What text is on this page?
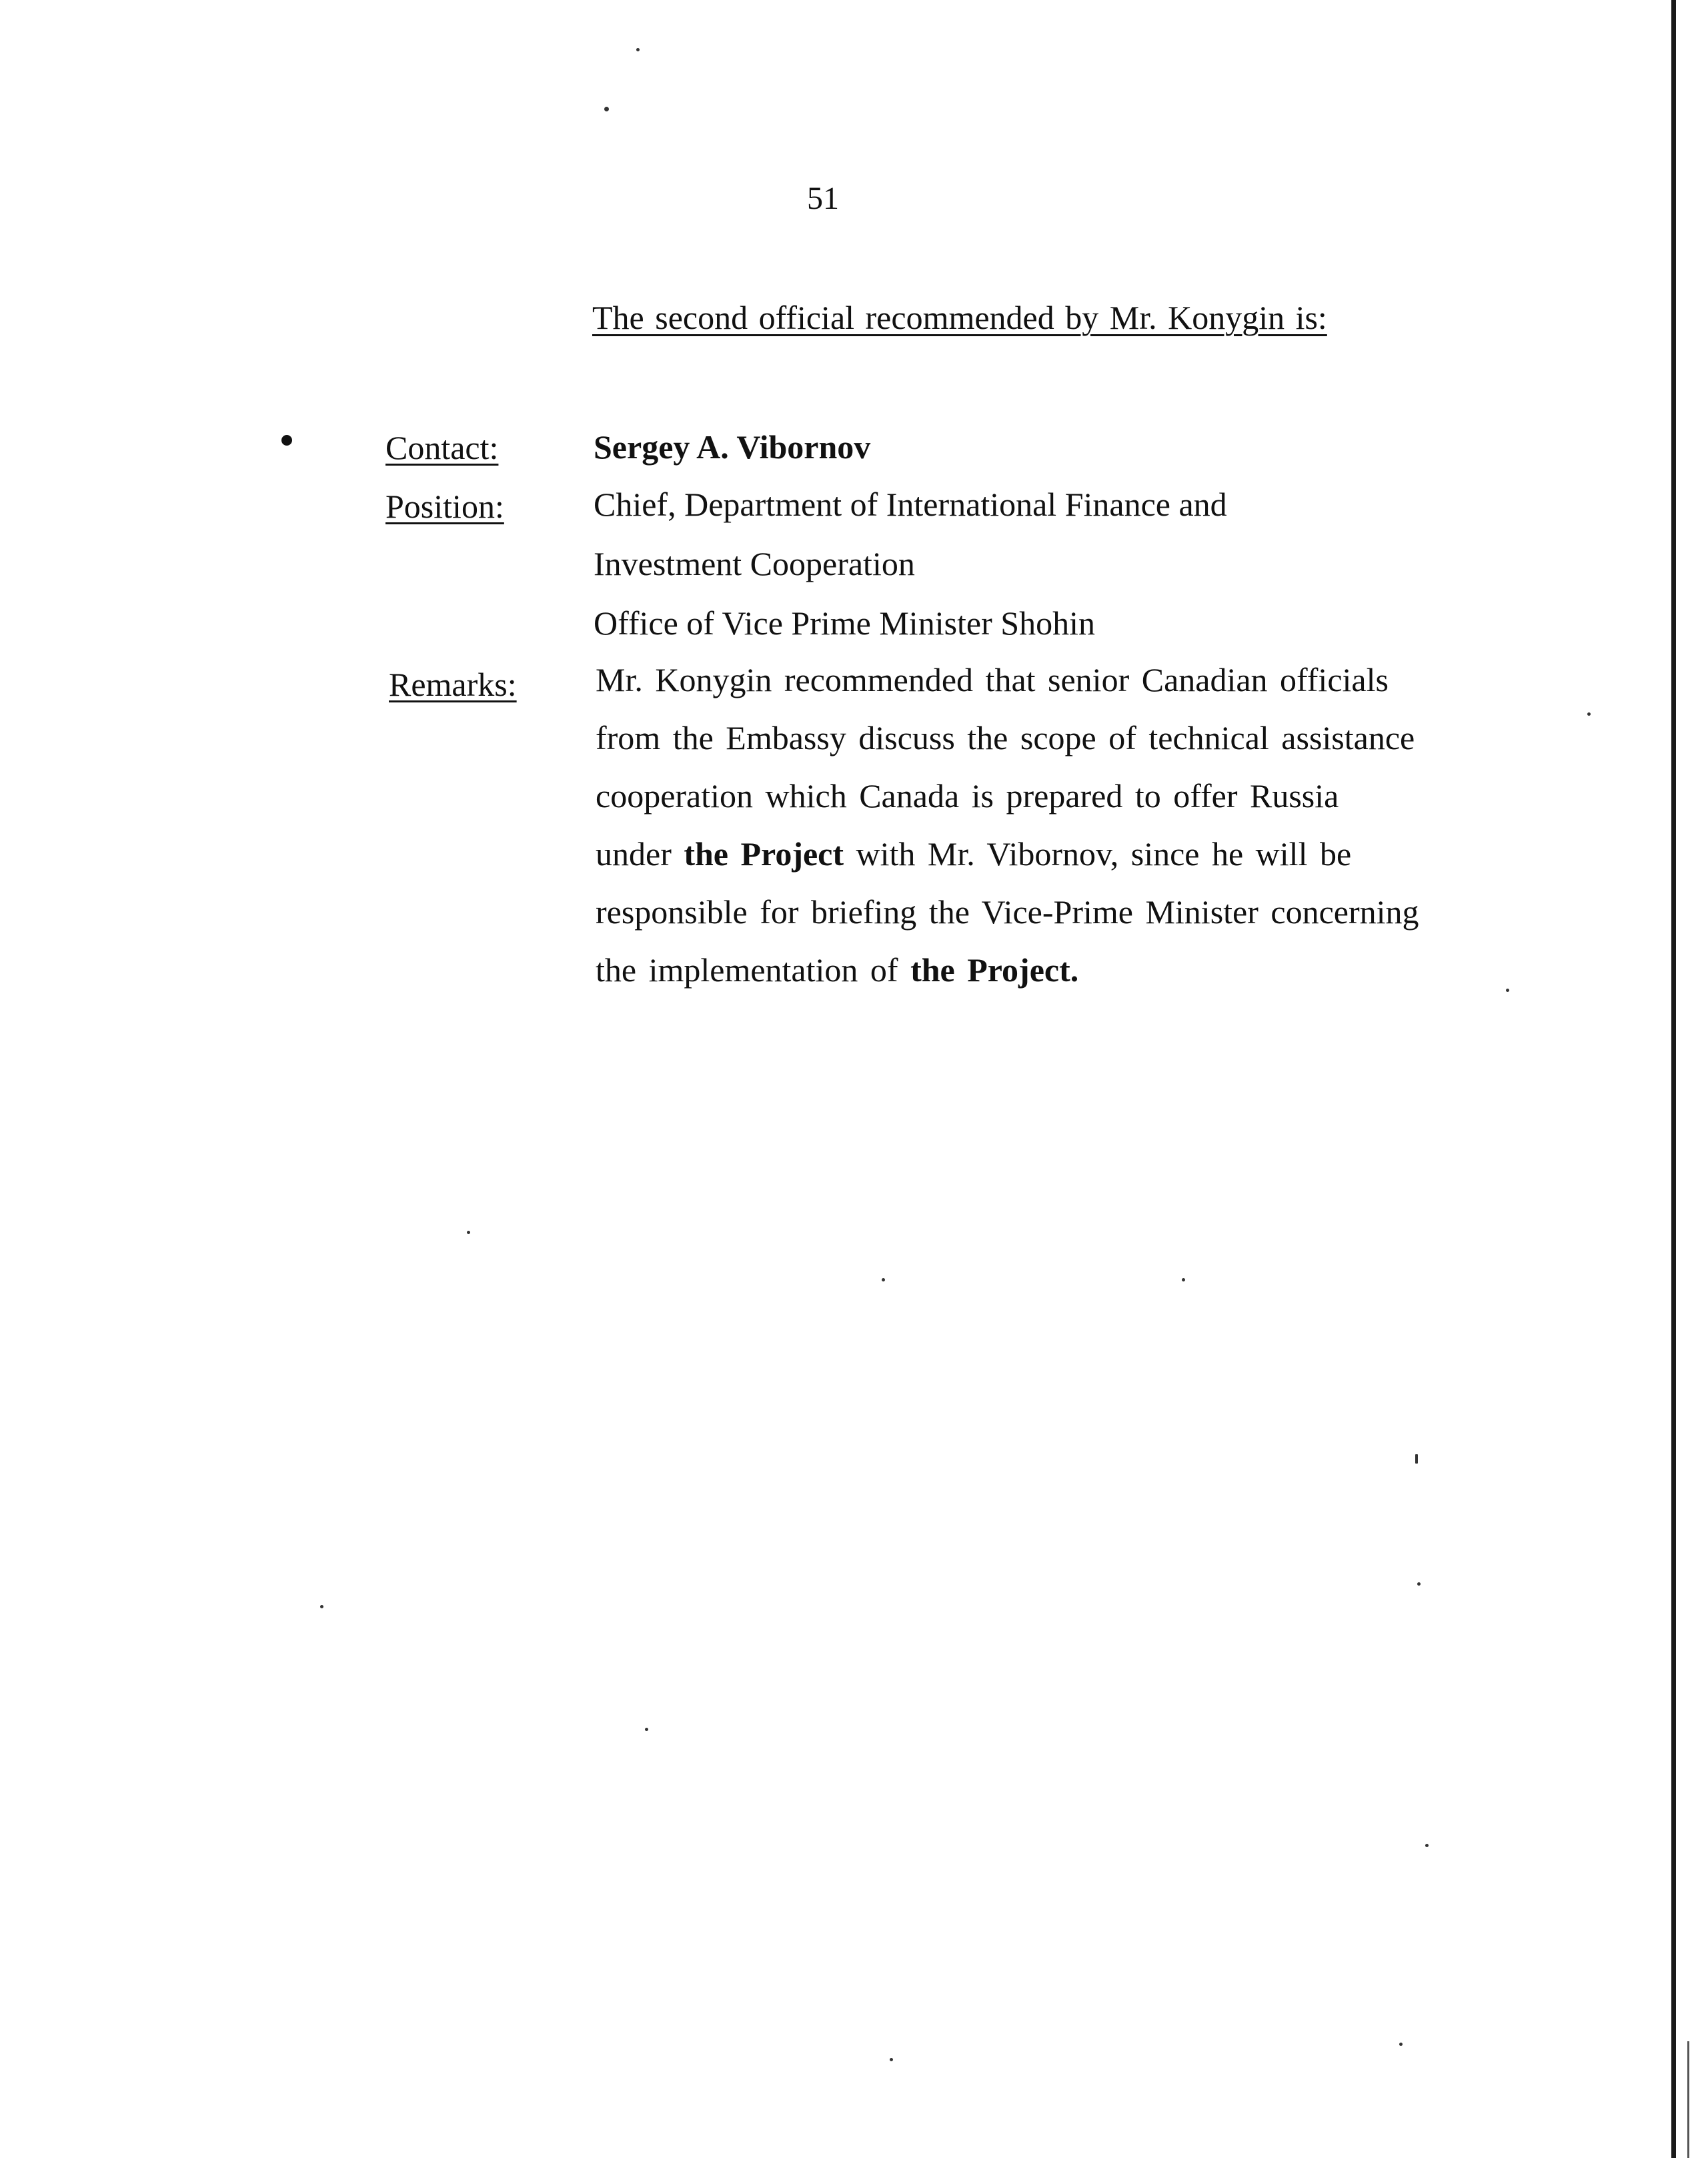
51
The second official recommended by Mr. Konygin is:
Contact:	Sergey A. Vibornov
Position:	Chief, Department of International Finance and
Investment Cooperation
Office of Vice Prime Minister Shohin
Remarks: Mr. Konygin recommended that senior Canadian officials
from the Embassy discuss the scope of technical assistance
cooperation which Canada is prepared to offer Russia
under the Project with Mr. Vibornov, since he will be
responsible for briefing the Vice-Prime Minister concerning
the implementation of the Project.
